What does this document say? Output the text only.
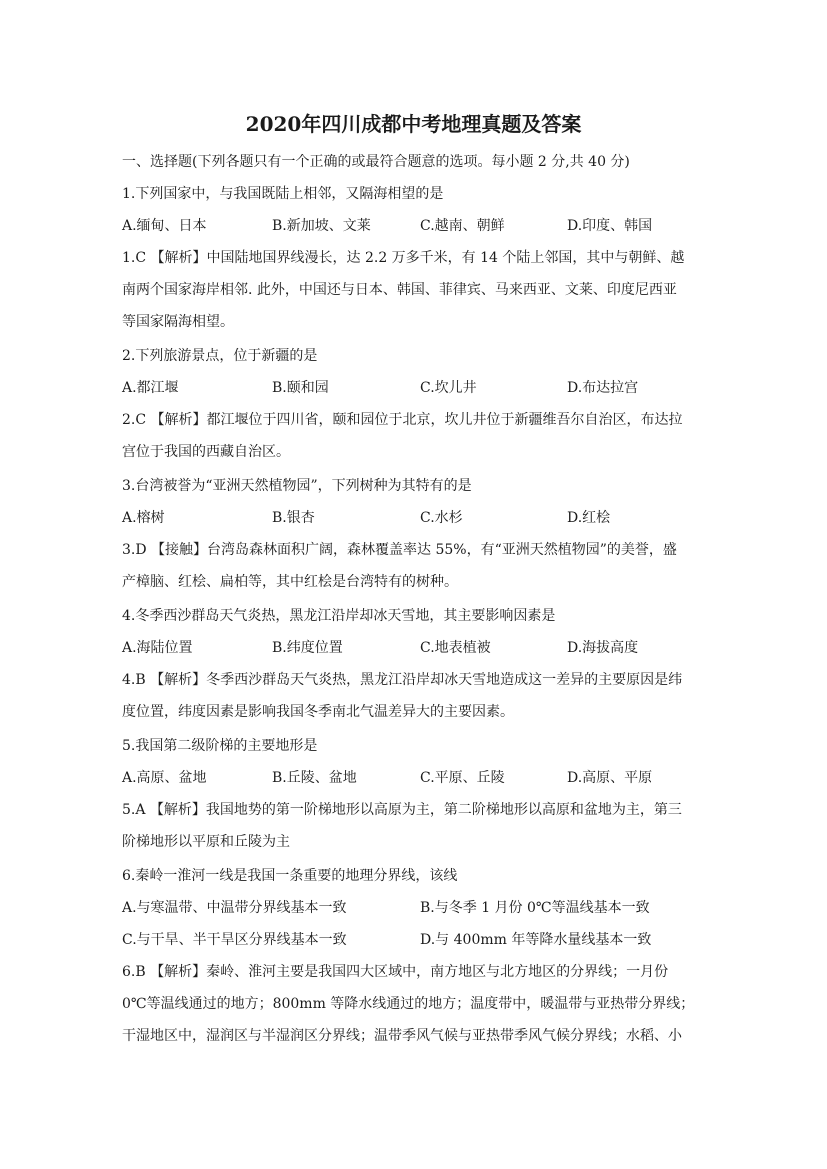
2020年四川成都中考地理真题及答案
一、选择题(下列各题只有一个正确的或最符合题意的选项。每小题 2 分,共 40 分)
1.下列国家中，与我国既陆上相邻，又隔海相望的是
A.缅甸、日本	B.新加坡、文莱	C.越南、朝鲜	D.印度、韩国
1.C 【解析】中国陆地国界线漫长，达 2.2 万多千米，有 14 个陆上邻国，其中与朝鲜、越
南两个国家海岸相邻. 此外，中国还与日本、韩国、菲律宾、马来西亚、文莱、印度尼西亚
等国家隔海相望。
2.下列旅游景点，位于新疆的是
A.都江堰	B.颐和园	C.坎儿井	D.布达拉宫
2.C 【解析】都江堰位于四川省，颐和园位于北京，坎儿井位于新疆维吾尔自治区，布达拉
宫位于我国的西藏自治区。
3.台湾被誉为“亚洲天然植物园”，下列树种为其特有的是
A.榕树	B.银杏	C.水杉	D.红桧
3.D 【接触】台湾岛森林面积广阔，森林覆盖率达 55%，有“亚洲天然植物园”的美誉，盛
产樟脑、红桧、扁柏等，其中红桧是台湾特有的树种。
4.冬季西沙群岛天气炎热，黑龙江沿岸却冰天雪地，其主要影响因素是
A.海陆位置	B.纬度位置	C.地表植被	D.海拔高度
4.B 【解析】冬季西沙群岛天气炎热，黑龙江沿岸却冰天雪地造成这一差异的主要原因是纬
度位置，纬度因素是影响我国冬季南北气温差异大的主要因素。
5.我国第二级阶梯的主要地形是
A.高原、盆地	B.丘陵、盆地	C.平原、丘陵	D.高原、平原
5.A 【解析】我国地势的第一阶梯地形以高原为主，第二阶梯地形以高原和盆地为主，第三
阶梯地形以平原和丘陵为主
6.秦岭一淮河一线是我国一条重要的地理分界线，该线
A.与寒温带、中温带分界线基本一致	B.与冬季 1 月份 0℃等温线基本一致
C.与干旱、半干旱区分界线基本一致	D.与 400mm 年等降水量线基本一致
6.B 【解析】秦岭、淮河主要是我国四大区域中，南方地区与北方地区的分界线；一月份
0℃等温线通过的地方；800mm 等降水线通过的地方；温度带中，暖温带与亚热带分界线；
干湿地区中，湿润区与半湿润区分界线；温带季风气候与亚热带季风气候分界线；水稻、小
